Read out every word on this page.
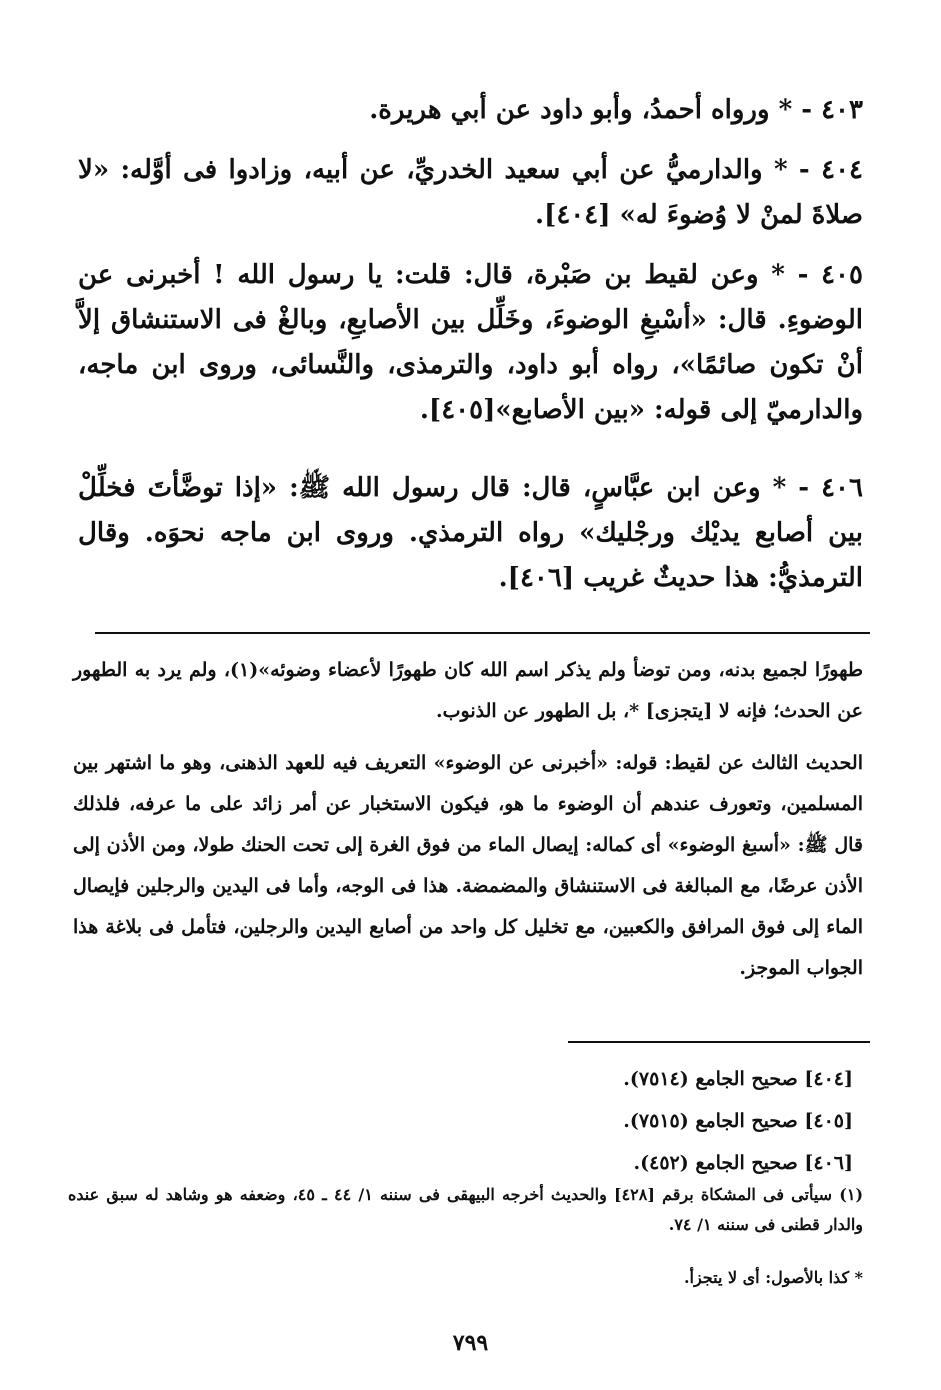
٤٠٣ - * ورواه أحمدُ، وأبو داود عن أبي هريرة.
٤٠٤ - * والدارميُّ عن أبي سعيد الخدريِّ، عن أبيه، وزادوا فى أوَّله: «لا صلاةَ لمنْ لا وُضوءَ له» [٤٠٤].
٤٠٥ - * وعن لقيط بن صَبْرة، قال: قلت: يا رسول الله ! أخبرنى عن الوضوءِ. قال: «أسْبغِ الوضوءَ، وخَلِّل بين الأصابعِ، وبالغْ فى الاستنشاق إلاَّ أنْ تكون صائمًا»، رواه أبو داود، والترمذى، والنَّسائى، وروى ابن ماجه، والدارميّ إلى قوله: «بين الأصابع»[٤٠٥].
٤٠٦ - * وعن ابن عبَّاسٍ، قال: قال رسول الله ﷺ: «إذا توضَّأتَ فخلِّلْ بين أصابع يديْك ورجْليك» رواه الترمذي. وروى ابن ماجه نحوَه. وقال الترمذيُّ: هذا حديثٌ غريب [٤٠٦].
طهورًا لجميع بدنه، ومن توضأ ولم يذكر اسم الله كان طهورًا لأعضاء وضوئه»(١)، ولم يرد به الطهور عن الحدث؛ فإنه لا [يتجزى] *، بل الطهور عن الذنوب.
الحديث الثالث عن لقيط: قوله: «أخبرنى عن الوضوء» التعريف فيه للعهد الذهنى، وهو ما اشتهر بين المسلمين، وتعورف عندهم أن الوضوء ما هو، فيكون الاستخبار عن أمر زائد على ما عرفه، فلذلك قال ﷺ: «أسبغ الوضوء» أى كماله: إيصال الماء من فوق الغرة إلى تحت الحنك طولا، ومن الأذن إلى الأذن عرضًا، مع المبالغة فى الاستنشاق والمضمضة. هذا فى الوجه، وأما فى اليدين والرجلين فإيصال الماء إلى فوق المرافق والكعبين، مع تخليل كل واحد من أصابع اليدين والرجلين، فتأمل فى بلاغة هذا الجواب الموجز.
[٤٠٤] صحيح الجامع (٧٥١٤).
[٤٠٥] صحيح الجامع (٧٥١٥).
[٤٠٦] صحيح الجامع (٤٥٢).
(١) سيأتى فى المشكاة برقم [٤٢٨] والحديث أخرجه البيهقى فى سننه ١/ ٤٤ ـ ٤٥، وضعفه هو وشاهد له سبق عنده والدار قطنى فى سننه ١/ ٧٤.
* كذا بالأصول: أى لا يتجزأ.
٧٩٩
